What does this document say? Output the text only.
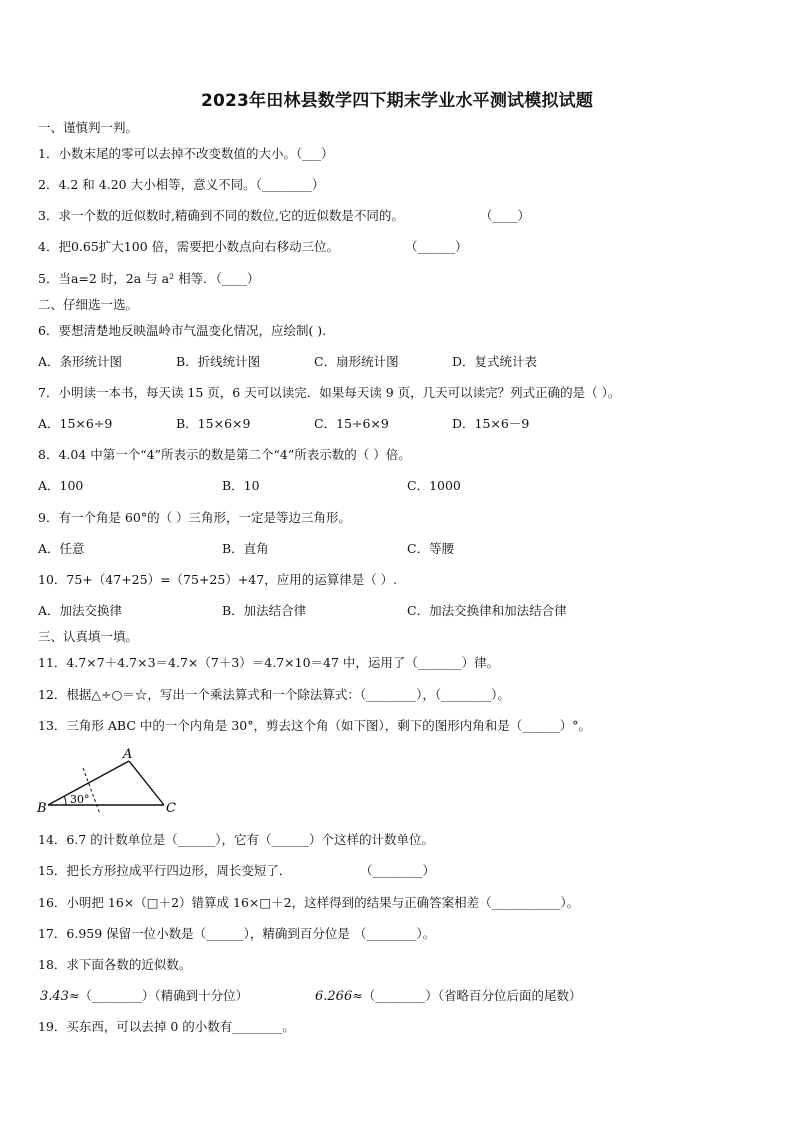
2023年田林县数学四下期末学业水平测试模拟试题
一、谨慎判一判。
1．小数末尾的零可以去掉不改变数值的大小。（___）
2．4.2 和 4.20 大小相等，意义不同。（________）
3．求一个数的近似数时,精确到不同的数位,它的近似数是不同的。	（____）
4．把0.65扩大100 倍，需要把小数点向右移动三位。	（______）
5．当a=2 时，2a 与 a² 相等．（____）
二、仔细选一选。
6．要想清楚地反映温岭市气温变化情况，应绘制( ).
A．条形统计图	B．折线统计图	C．扇形统计图	D．复式统计表
7．小明读一本书，每天读 15 页，6 天可以读完．如果每天读 9 页，几天可以读完？列式正确的是（ ）。
A．15×6÷9	B．15×6×9	C．15÷6×9	D．15×6－9
8．4.04 中第一个“4”所表示的数是第二个“4”所表示数的（ ）倍。
A．100	B．10	C．1000
9．有一个角是 60°的（ ）三角形，一定是等边三角形。
A．任意	B．直角	C．等腰
10．75+（47+25）=（75+25）+47，应用的运算律是（ ）.
A．加法交换律	B．加法结合律	C．加法交换律和加法结合律
三、认真填一填。
11．4.7×7＋4.7×3＝4.7×（7＋3）＝4.7×10＝47 中，运用了（_______）律。
12．根据△÷○＝☆，写出一个乘法算式和一个除法算式：（________），（________）。
13．三角形 ABC 中的一个内角是 30°，剪去这个角（如下图），剩下的图形内角和是（______）°。
A
B	C
30°
14．6.7 的计数单位是（______），它有（______）个这样的计数单位。
15．把长方形拉成平行四边形，周长变短了．	（________）
16．小明把 16×（□＋2）错算成 16×□＋2，这样得到的结果与正确答案相差（___________）。
17．6.959 保留一位小数是（______），精确到百分位是 （________）。
18．求下面各数的近似数。
3.43≈（________）（精确到十分位）	6.266≈（________）（省略百分位后面的尾数）
19．买东西，可以去掉 0 的小数有________。
